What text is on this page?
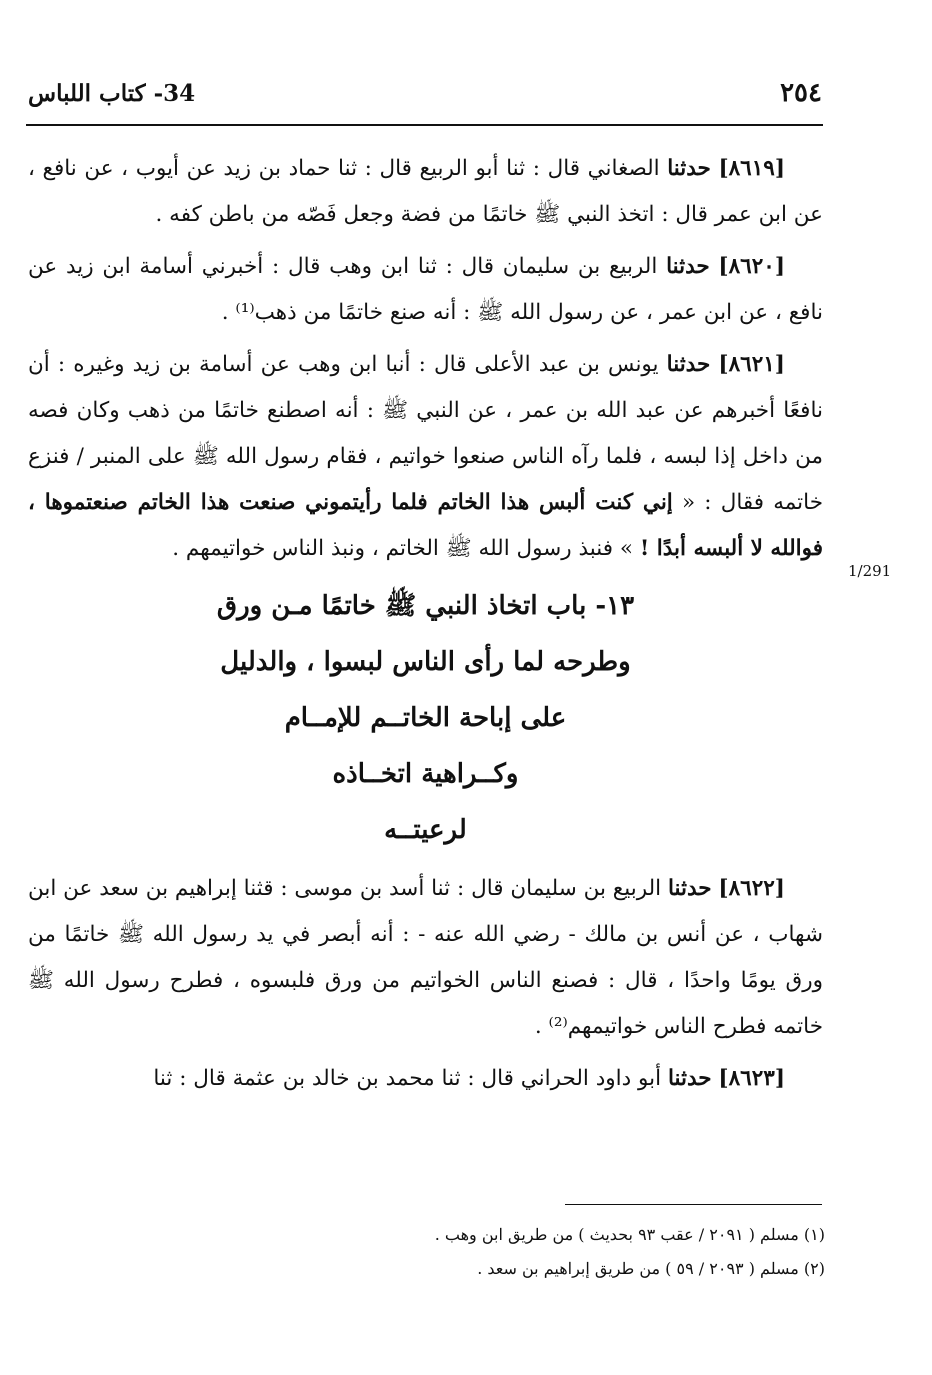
٢٥٤
34- كتاب اللباس
1/291

[٨٦١٩] حدثنا الصغاني قال : ثنا أبو الربيع قال : ثنا حماد بن زيد عن أيوب ، عن نافع ، عن ابن عمر قال : اتخذ النبي ﷺ خاتمًا من فضة وجعل فَصّه من باطن كفه .

[٨٦٢٠] حدثنا الربيع بن سليمان قال : ثنا ابن وهب قال : أخبرني أسامة ابن زيد عن نافع ، عن ابن عمر ، عن رسول الله ﷺ : أنه صنع خاتمًا من ذهب⁽¹⁾ .

[٨٦٢١] حدثنا يونس بن عبد الأعلى قال : أنبا ابن وهب عن أسامة بن زيد وغيره : أن نافعًا أخبرهم عن عبد الله بن عمر ، عن النبي ﷺ : أنه اصطنع خاتمًا من ذهب وكان فصه من داخل إذا لبسه ، فلما رآه الناس صنعوا خواتيم ، فقام رسول الله ﷺ على المنبر / فنزع خاتمه فقال : « إني كنت ألبس هذا الخاتم فلما رأيتموني صنعت هذا الخاتم صنعتموها ، فوالله لا ألبسه أبدًا ! » فنبذ رسول الله ﷺ الخاتم ، ونبذ الناس خواتيمهم .

١٣- باب اتخاذ النبي ﷺ خاتمًا مـن ورق
وطرحه لما رأى الناس لبسوا ، والدليل
على إباحة الخاتــم للإمــام
وكــراهية اتخــاذه
لرعيتــه

[٨٦٢٢] حدثنا الربيع بن سليمان قال : ثنا أسد بن موسى : قثنا إبراهيم بن سعد عن ابن شهاب ، عن أنس بن مالك - رضي الله عنه - : أنه أبصر في يد رسول الله ﷺ خاتمًا من ورق يومًا واحدًا ، قال : فصنع الناس الخواتيم من ورق فلبسوه ، فطرح رسول الله ﷺ خاتمه فطرح الناس خواتيمهم⁽²⁾ .

[٨٦٢٣] حدثنا أبو داود الحراني قال : ثنا محمد بن خالد بن عثمة قال : ثنا

(١) مسلم ( ٢٠٩١ / عقب ٩٣ بحديث ) من طريق ابن وهب .
(٢) مسلم ( ٢٠٩٣ / ٥٩ ) من طريق إبراهيم بن سعد .
